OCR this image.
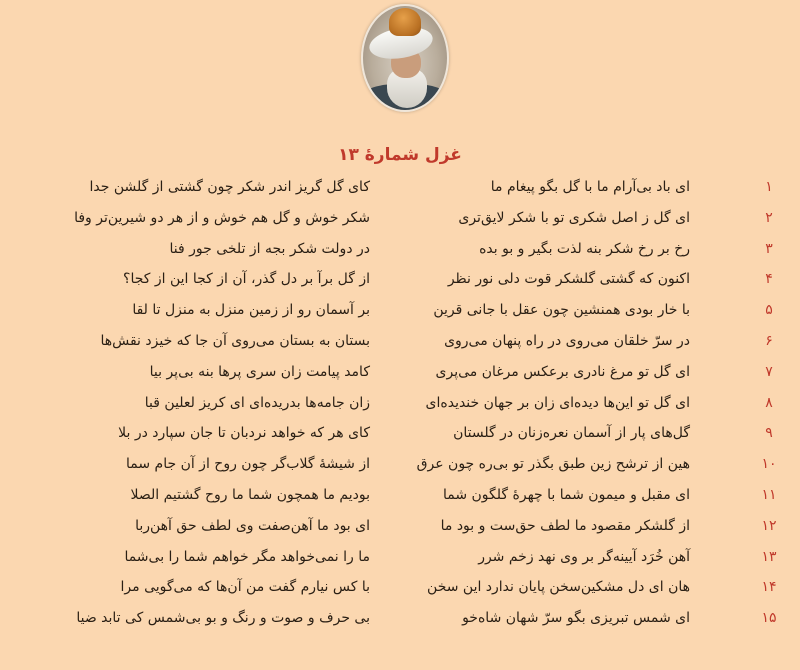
غزل شمارهٔ ۱۳
۱
ای باد بی‌آرام ما با گل بگو پیغام ما
کای گل گریز اندر شکر چون گشتی از گلشن جدا
۲
ای گل ز اصل شکری تو با شکر لایق‌تری
شکر خوش و گل هم خوش و از هر دو شیرین‌تر وفا
۳
رخ بر رخ شکر بنه لذت بگیر و بو بده
در دولت شکر بجه از تلخی جور فنا
۴
اکنون که گشتی گلشکر قوت دلی نور نظر
از گل برآ بر دل گذر، آن از کجا این از کجا؟
۵
با خار بودی همنشین چون عقل با جانی قرین
بر آسمان رو از زمین منزل به منزل تا لقا
۶
در سرّ خلقان می‌روی در راه پنهان می‌روی
بستان به بستان می‌روی آن جا که خیزد نقش‌ها
۷
ای گل تو مرغ نادری برعکس مرغان می‌پری
کامد پیامت زان سری پرها بنه بی‌پر بیا
۸
ای گل تو این‌ها دیده‌ای زان بر جهان خندیده‌ای
زان جامه‌ها بدریده‌ای ای کریز لعلین قبا
۹
گل‌های پار از آسمان نعره‌زنان در گلستان
کای هر که خواهد نردبان تا جان سپارد در بلا
۱۰
هین از ترشح زین طبق بگذر تو بی‌ره چون عرق
از شیشهٔ گلاب‌گر چون روح از آن جام سما
۱۱
ای مقبل و میمون شما با چهرهٔ گلگون شما
بودیم ما همچون شما ما روح گشتیم الصلا
۱۲
از گلشکر مقصود ما لطف حق‌ست و بود ما
ای بود ما آهن‌صفت وی لطف حق آهن‌ربا
۱۳
آهن خُرَد آیینه‌گر بر وی نهد زخم شرر
ما را نمی‌خواهد مگر خواهم شما را بی‌شما
۱۴
هان ای دل مشکین‌سخن پایان ندارد این سخن
با کس نیارم گفت من آن‌ها که می‌گویی مرا
۱۵
ای شمس تبریزی بگو سرّ شهان شاه‌خو
بی حرف و صوت و رنگ و بو بی‌شمس کی تابد ضیا
